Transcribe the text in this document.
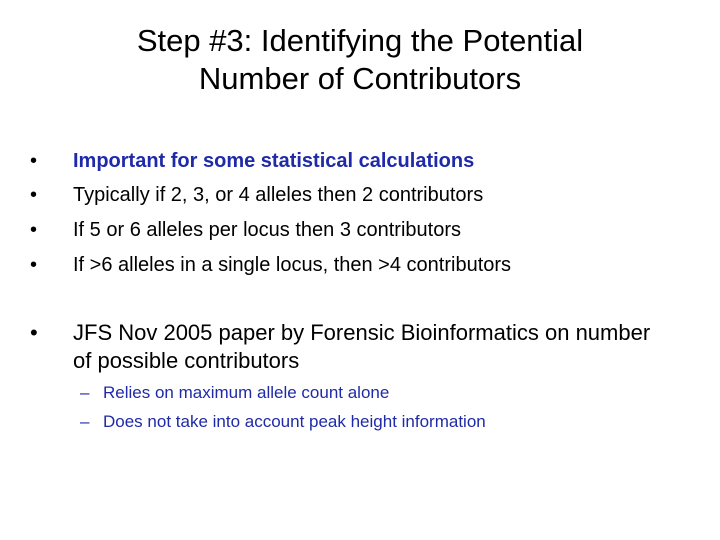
Step #3: Identifying the Potential
Number of Contributors
•	Important for some statistical calculations
•	Typically if 2, 3, or 4 alleles then 2 contributors
•	If 5 or 6 alleles per locus then 3 contributors
•	If >6 alleles in a single locus, then >4 contributors
•	JFS Nov 2005 paper by Forensic Bioinformatics on number of possible contributors
– Relies on maximum allele count alone
– Does not take into account peak height information
